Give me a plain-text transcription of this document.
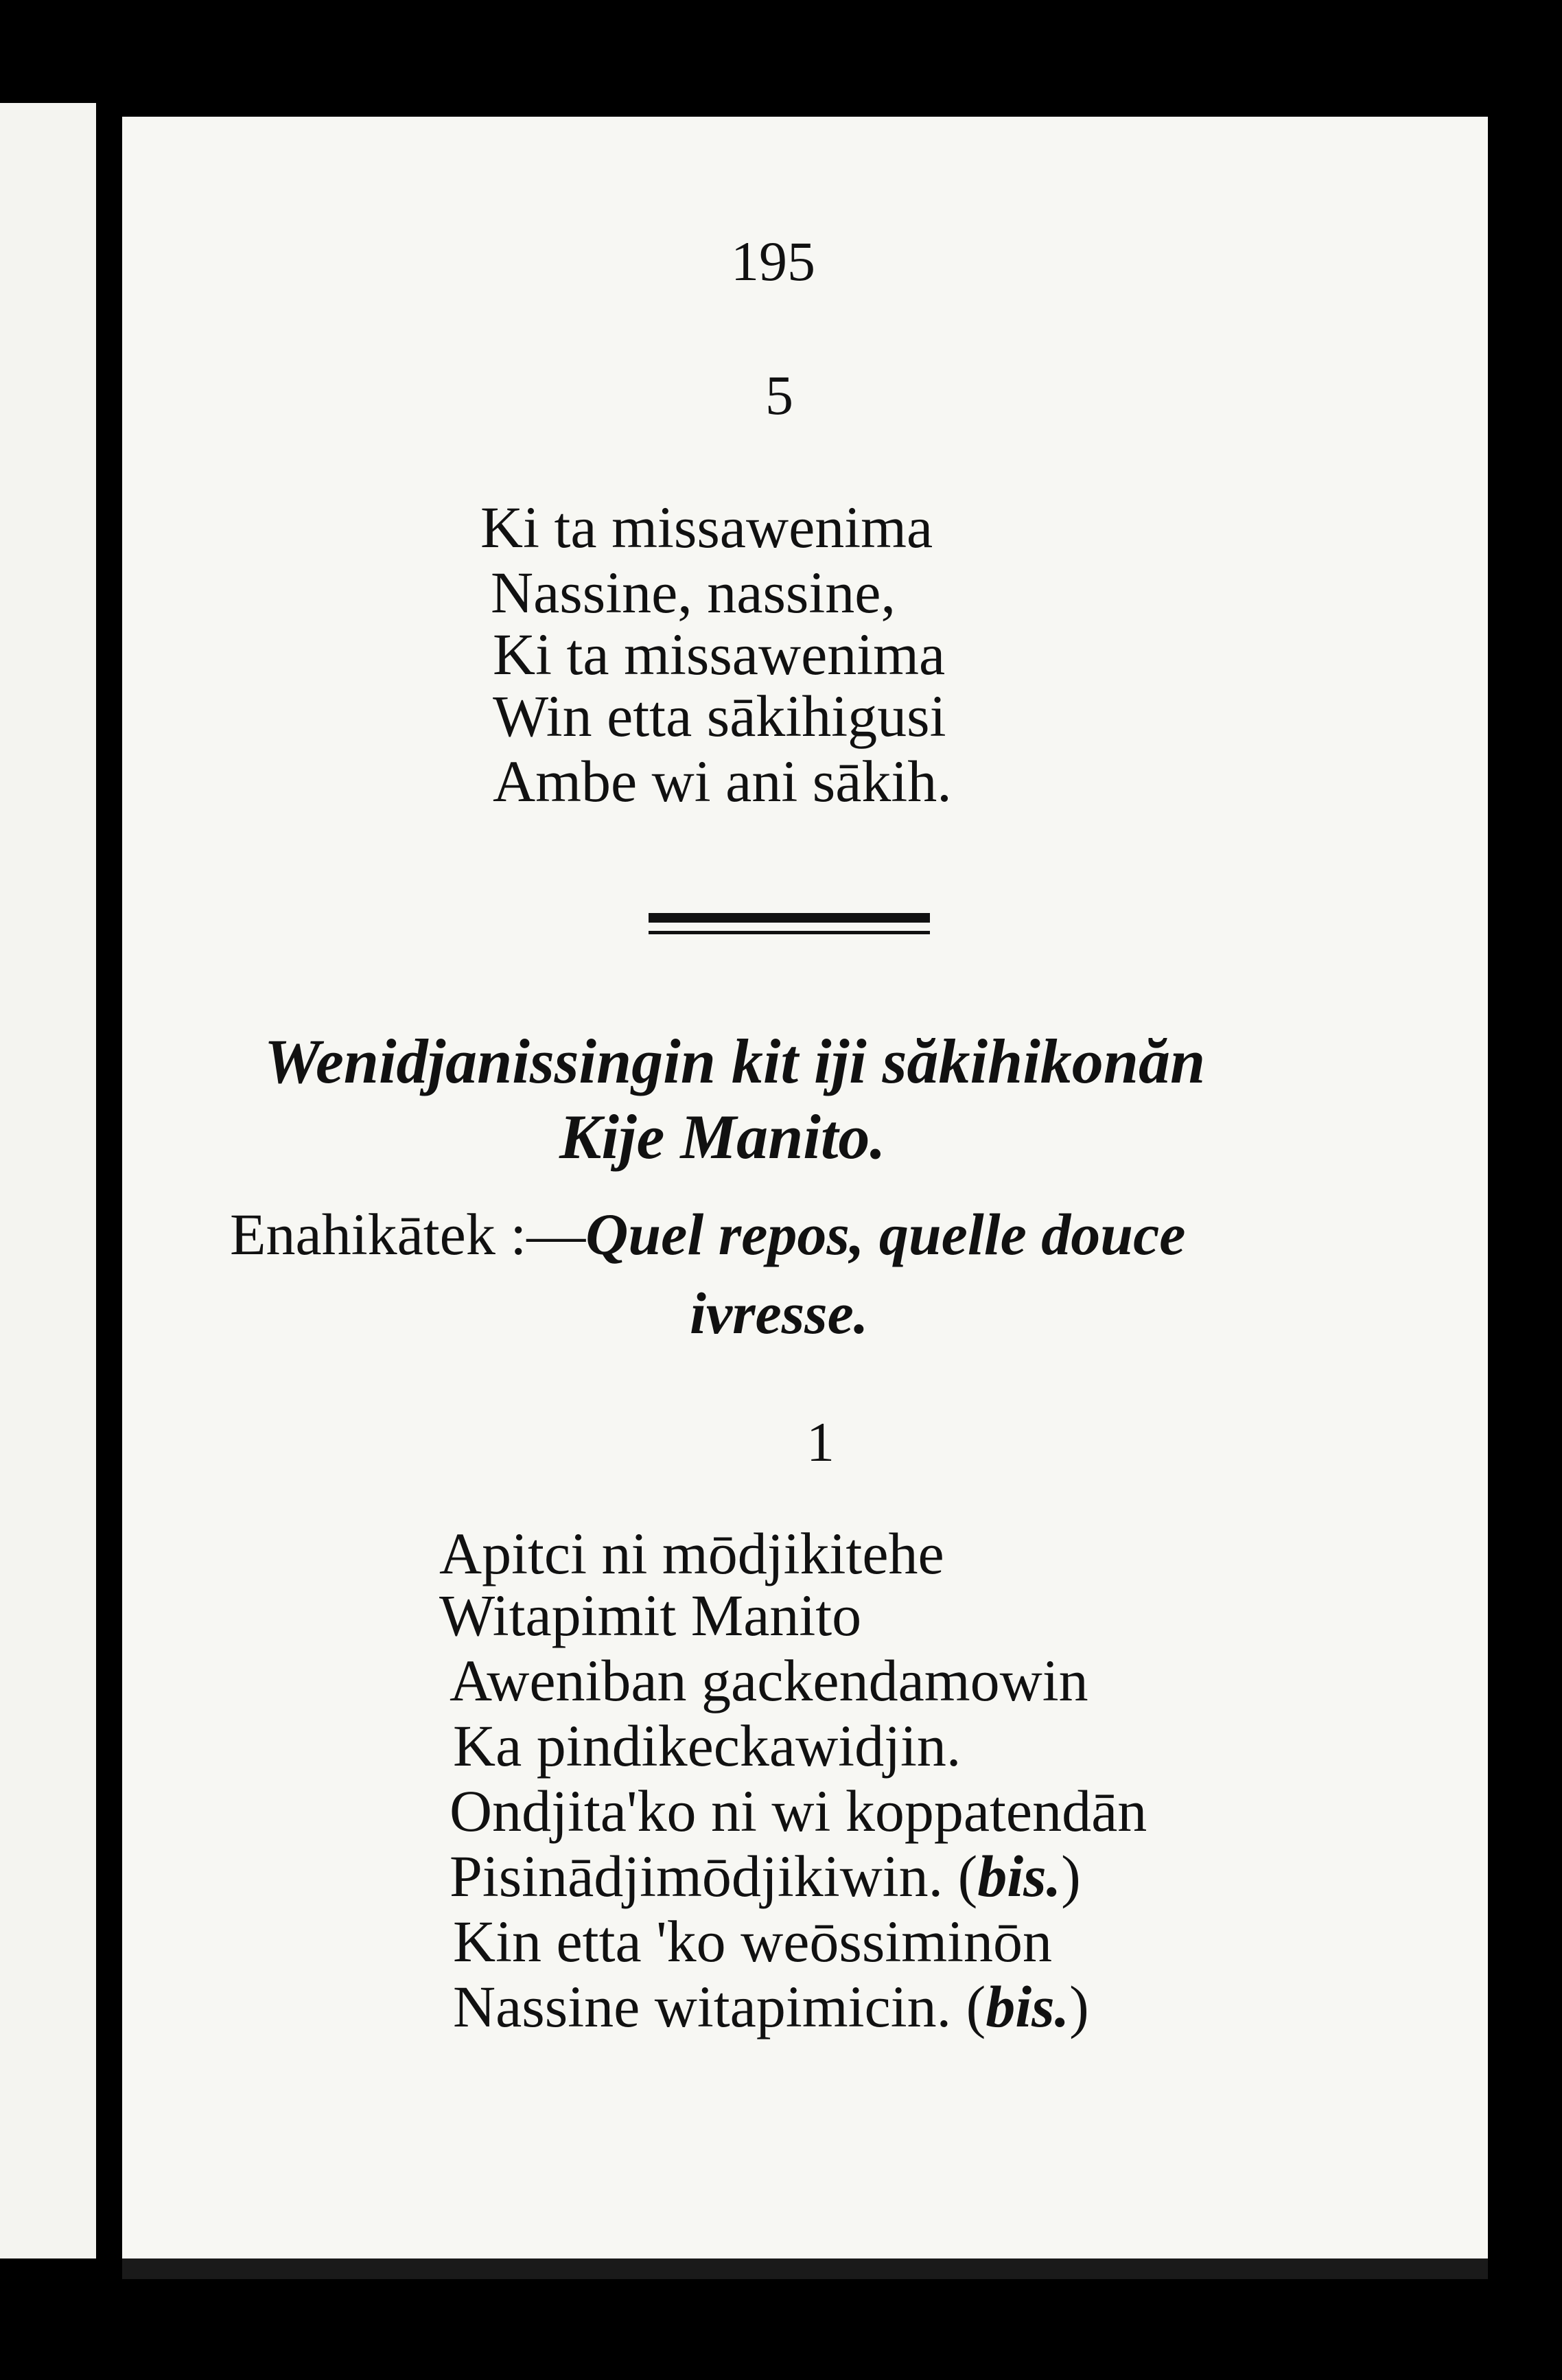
195
5
Ki ta missawenima
Nassine, nassine,
Ki ta missawenima
Win etta sākihigusi
Ambe wi ani sākih.
Wenidjanissingin kit iji săkihikonăn
Kije Manito.
Enahikātek :—Quel repos, quelle douce
ivresse.
1
Apitci ni mōdjikitehe
Witapimit Manito
Aweniban gackendamowin
Ka pindikeckawidjin.
Ondjita'ko ni wi koppatendān
Pisinādjimōdjikiwin. (bis.)
Kin etta 'ko weōssiminōn
Nassine witapimicin. (bis.)
